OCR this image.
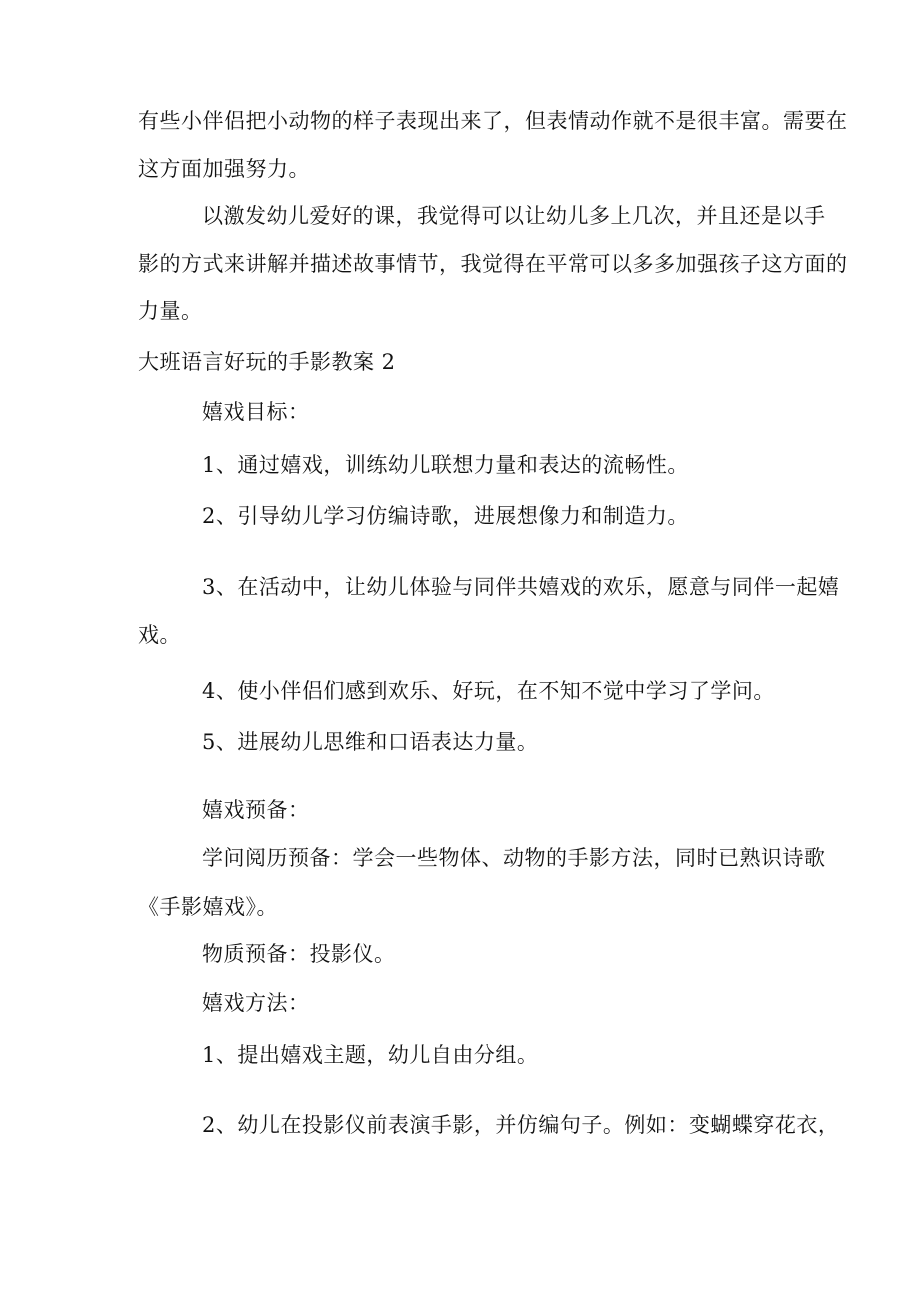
有些小伴侣把小动物的样子表现出来了，但表情动作就不是很丰富。需要在
这方面加强努力。
以激发幼儿爱好的课，我觉得可以让幼儿多上几次，并且还是以手
影的方式来讲解并描述故事情节，我觉得在平常可以多多加强孩子这方面的
力量。
大班语言好玩的手影教案 2
嬉戏目标：
1、通过嬉戏，训练幼儿联想力量和表达的流畅性。
2、引导幼儿学习仿编诗歌，进展想像力和制造力。
3、在活动中，让幼儿体验与同伴共嬉戏的欢乐，愿意与同伴一起嬉
戏。
4、使小伴侣们感到欢乐、好玩，在不知不觉中学习了学问。
5、进展幼儿思维和口语表达力量。
嬉戏预备：
学问阅历预备：学会一些物体、动物的手影方法，同时已熟识诗歌
《手影嬉戏》。
物质预备：投影仪。
嬉戏方法：
1、提出嬉戏主题，幼儿自由分组。
2、幼儿在投影仪前表演手影，并仿编句子。例如：变蝴蝶穿花衣，
